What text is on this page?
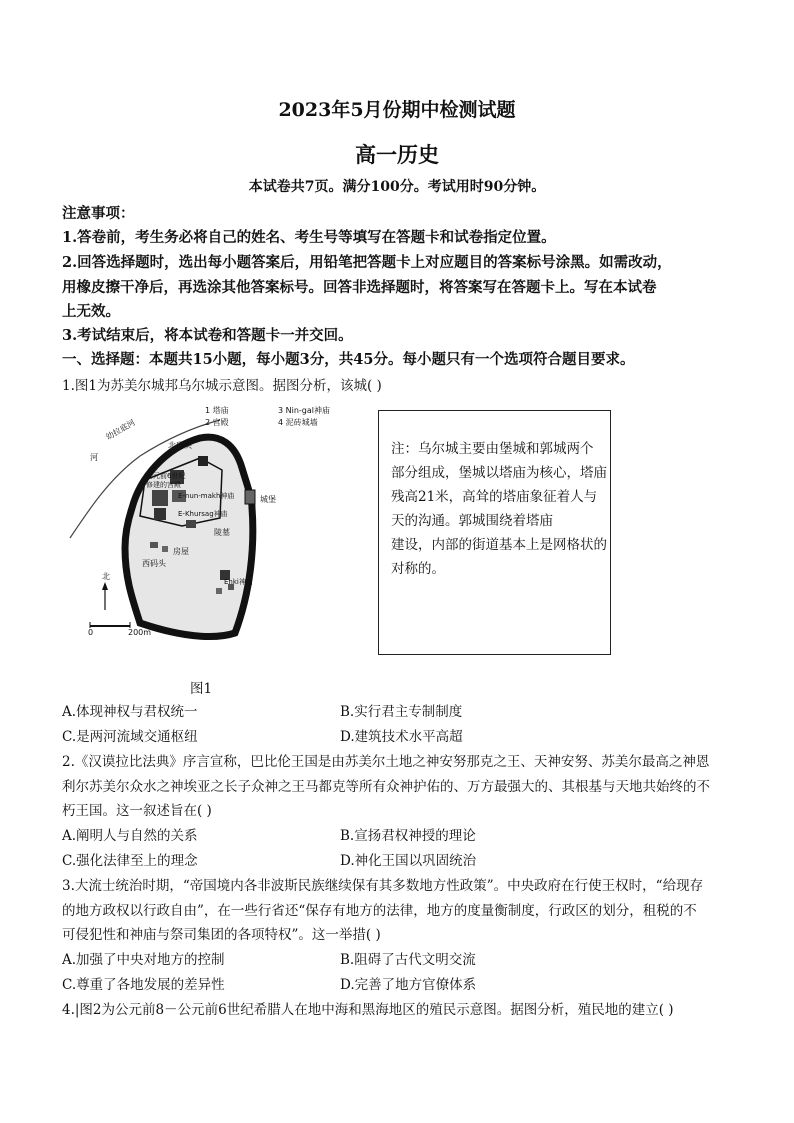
2023年5月份期中检测试题
高一历史
本试卷共7页。满分100分。考试用时90分钟。
注意事项：
1.答卷前，考生务必将自己的姓名、考生号等填写在答题卡和试卷指定位置。
2.回答选择题时，选出每小题答案后，用铅笔把答题卡上对应题目的答案标号涂黑。如需改动，
用橡皮擦干净后，再选涂其他答案标号。回答非选择题时，将答案写在答题卡上。写在本试卷
上无效。
3.考试结束后，将本试卷和答题卡一并交回。
一、选择题：本题共15小题，每小题3分，共45分。每小题只有一个选项符合题目要求。
1.图1为苏美尔城邦乌尔城示意图。据图分析，该城( )
1 塔庙
2 宫殿
3 Nin-gal神庙
4 泥砖城墙
幼拉底河
河
北码头
公元前6世纪
修建的宫殿
E-nun-makh神庙
E-Khursag神庙
陵墓
城堡
房屋
西码头
Enki神庙
北
0	200m

注：乌尔城主要由堡城和郭城两个

部分组成，堡城以塔庙为核心，塔庙

残高21米，高耸的塔庙象征着人与

天的沟通。郭城围绕着塔庙

建设，内部的街道基本上是网格状的

对称的。

图1
A.体现神权与君权统一	B.实行君主专制制度
C.是两河流域交通枢纽	D.建筑技术水平高超
2.《汉谟拉比法典》序言宣称，巴比伦王国是由苏美尔土地之神安努那克之王、天神安努、苏美尔最高之神恩
利尔苏美尔众水之神埃亚之长子众神之王马都克等所有众神护佑的、万方最强大的、其根基与天地共始终的不
朽王国。这一叙述旨在( )
A.阐明人与自然的关系	B.宣扬君权神授的理论
C.强化法律至上的理念	D.神化王国以巩固统治
3.大流士统治时期，“帝国境内各非波斯民族继续保有其多数地方性政策”。中央政府在行使王权时，“给现存
的地方政权以行政自由”，在一些行省还“保存有地方的法律，地方的度量衡制度，行政区的划分，租税的不
可侵犯性和神庙与祭司集团的各项特权”。这一举措( )
A.加强了中央对地方的控制	B.阻碍了古代文明交流
C.尊重了各地发展的差异性	D.完善了地方官僚体系
4.|图2为公元前8－公元前6世纪希腊人在地中海和黑海地区的殖民示意图。据图分析，殖民地的建立( )
